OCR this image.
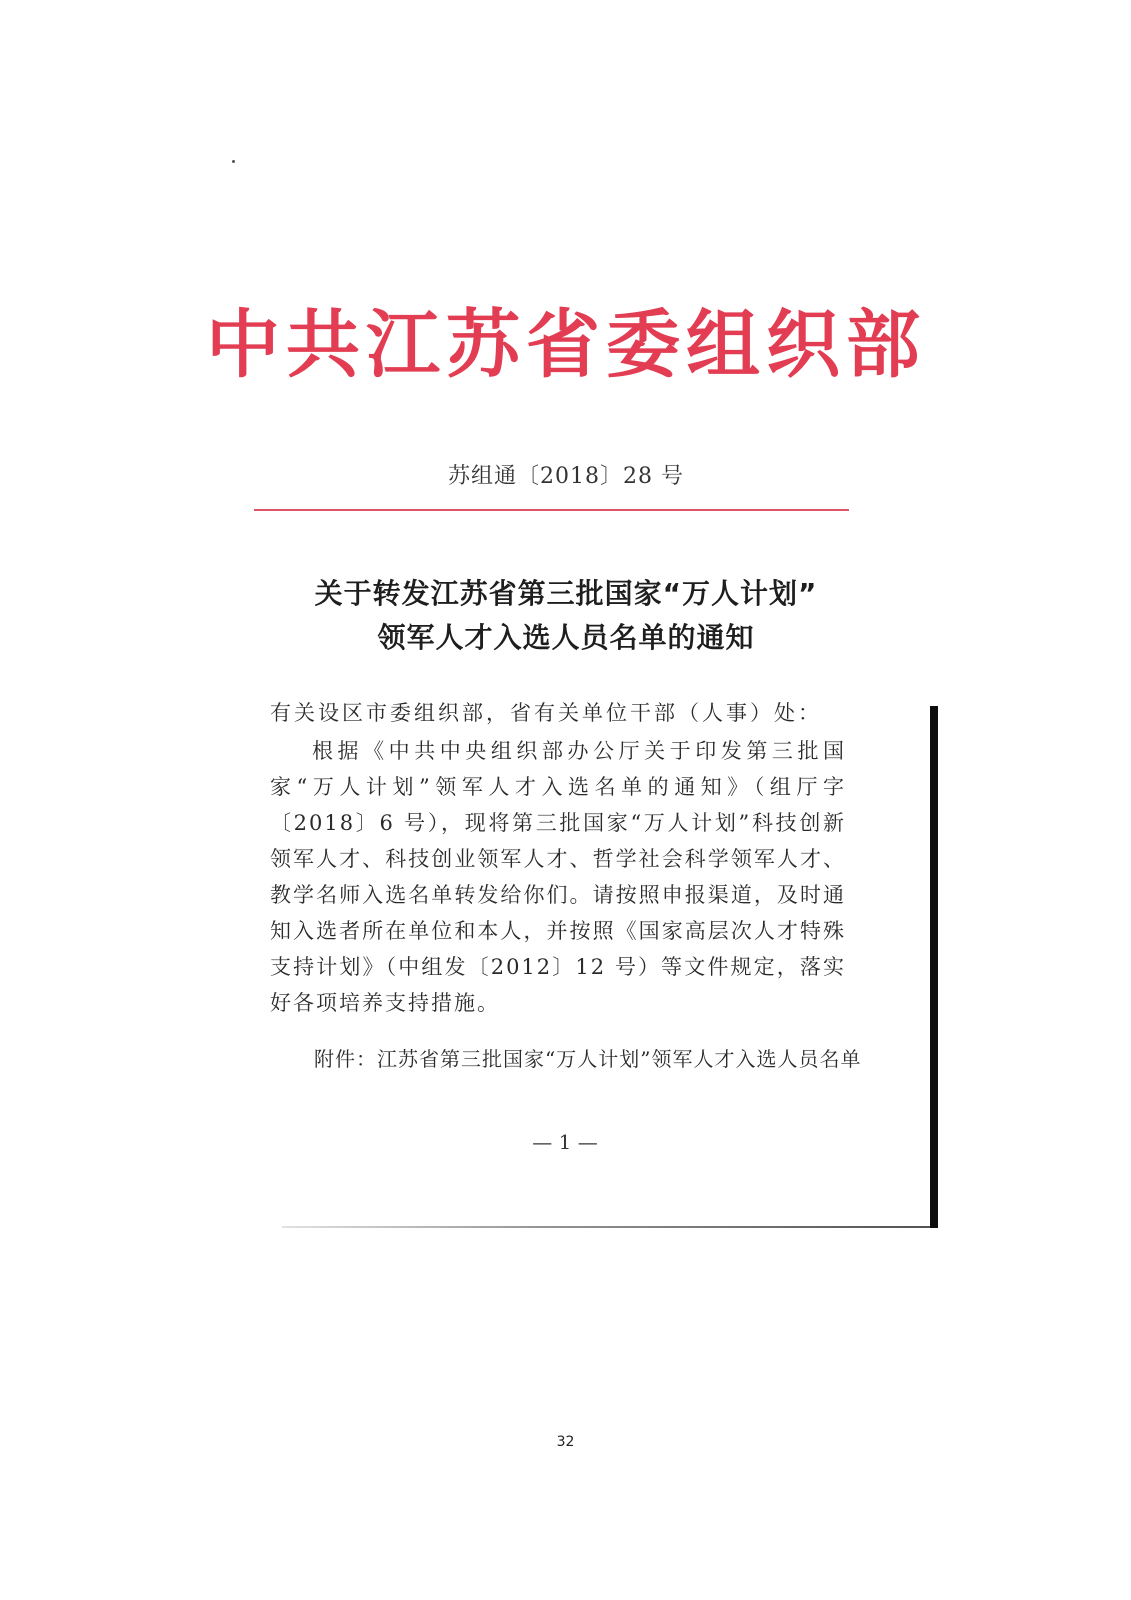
中共江苏省委组织部
苏组通〔2018〕28 号
关于转发江苏省第三批国家“万人计划”
领军人才入选人员名单的通知
有关设区市委组织部，省有关单位干部（人事）处：
根据《中共中央组织部办公厅关于印发第三批国家“万人计划”领军人才入选名单的通知》（组厅字〔2018〕6 号），现将第三批国家“万人计划”科技创新领军人才、科技创业领军人才、哲学社会科学领军人才、教学名师入选名单转发给你们。请按照申报渠道，及时通知入选者所在单位和本人，并按照《国家高层次人才特殊支持计划》（中组发〔2012〕12 号）等文件规定，落实好各项培养支持措施。
附件：江苏省第三批国家“万人计划”领军人才入选人员名单
— 1 —
32
